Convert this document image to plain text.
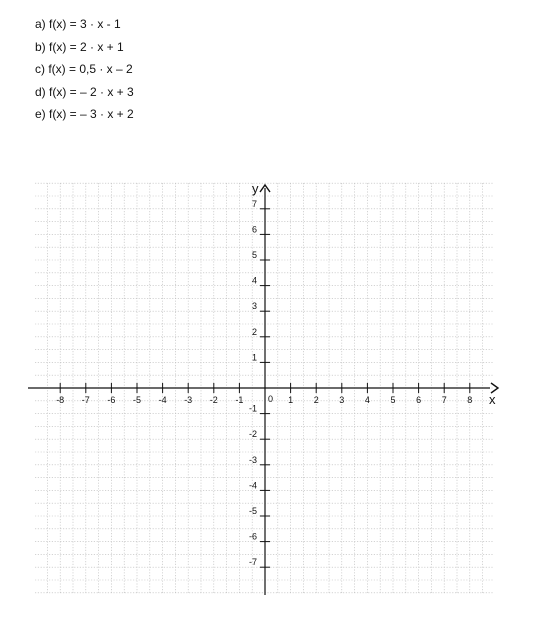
a) f(x) = 3 · x - 1
b) f(x) = 2 · x + 1
c) f(x) = 0,5 · x – 2
d) f(x) = – 2 · x + 3
e) f(x) = – 3 · x + 2
x
y
0
-8 -7 -6 -5 -4 -3 -2 -1	1 2 3 4 5 6 7 8
-7
-6
-5
-4
-3
-2
-1
1
2
3
4
5
6
7
